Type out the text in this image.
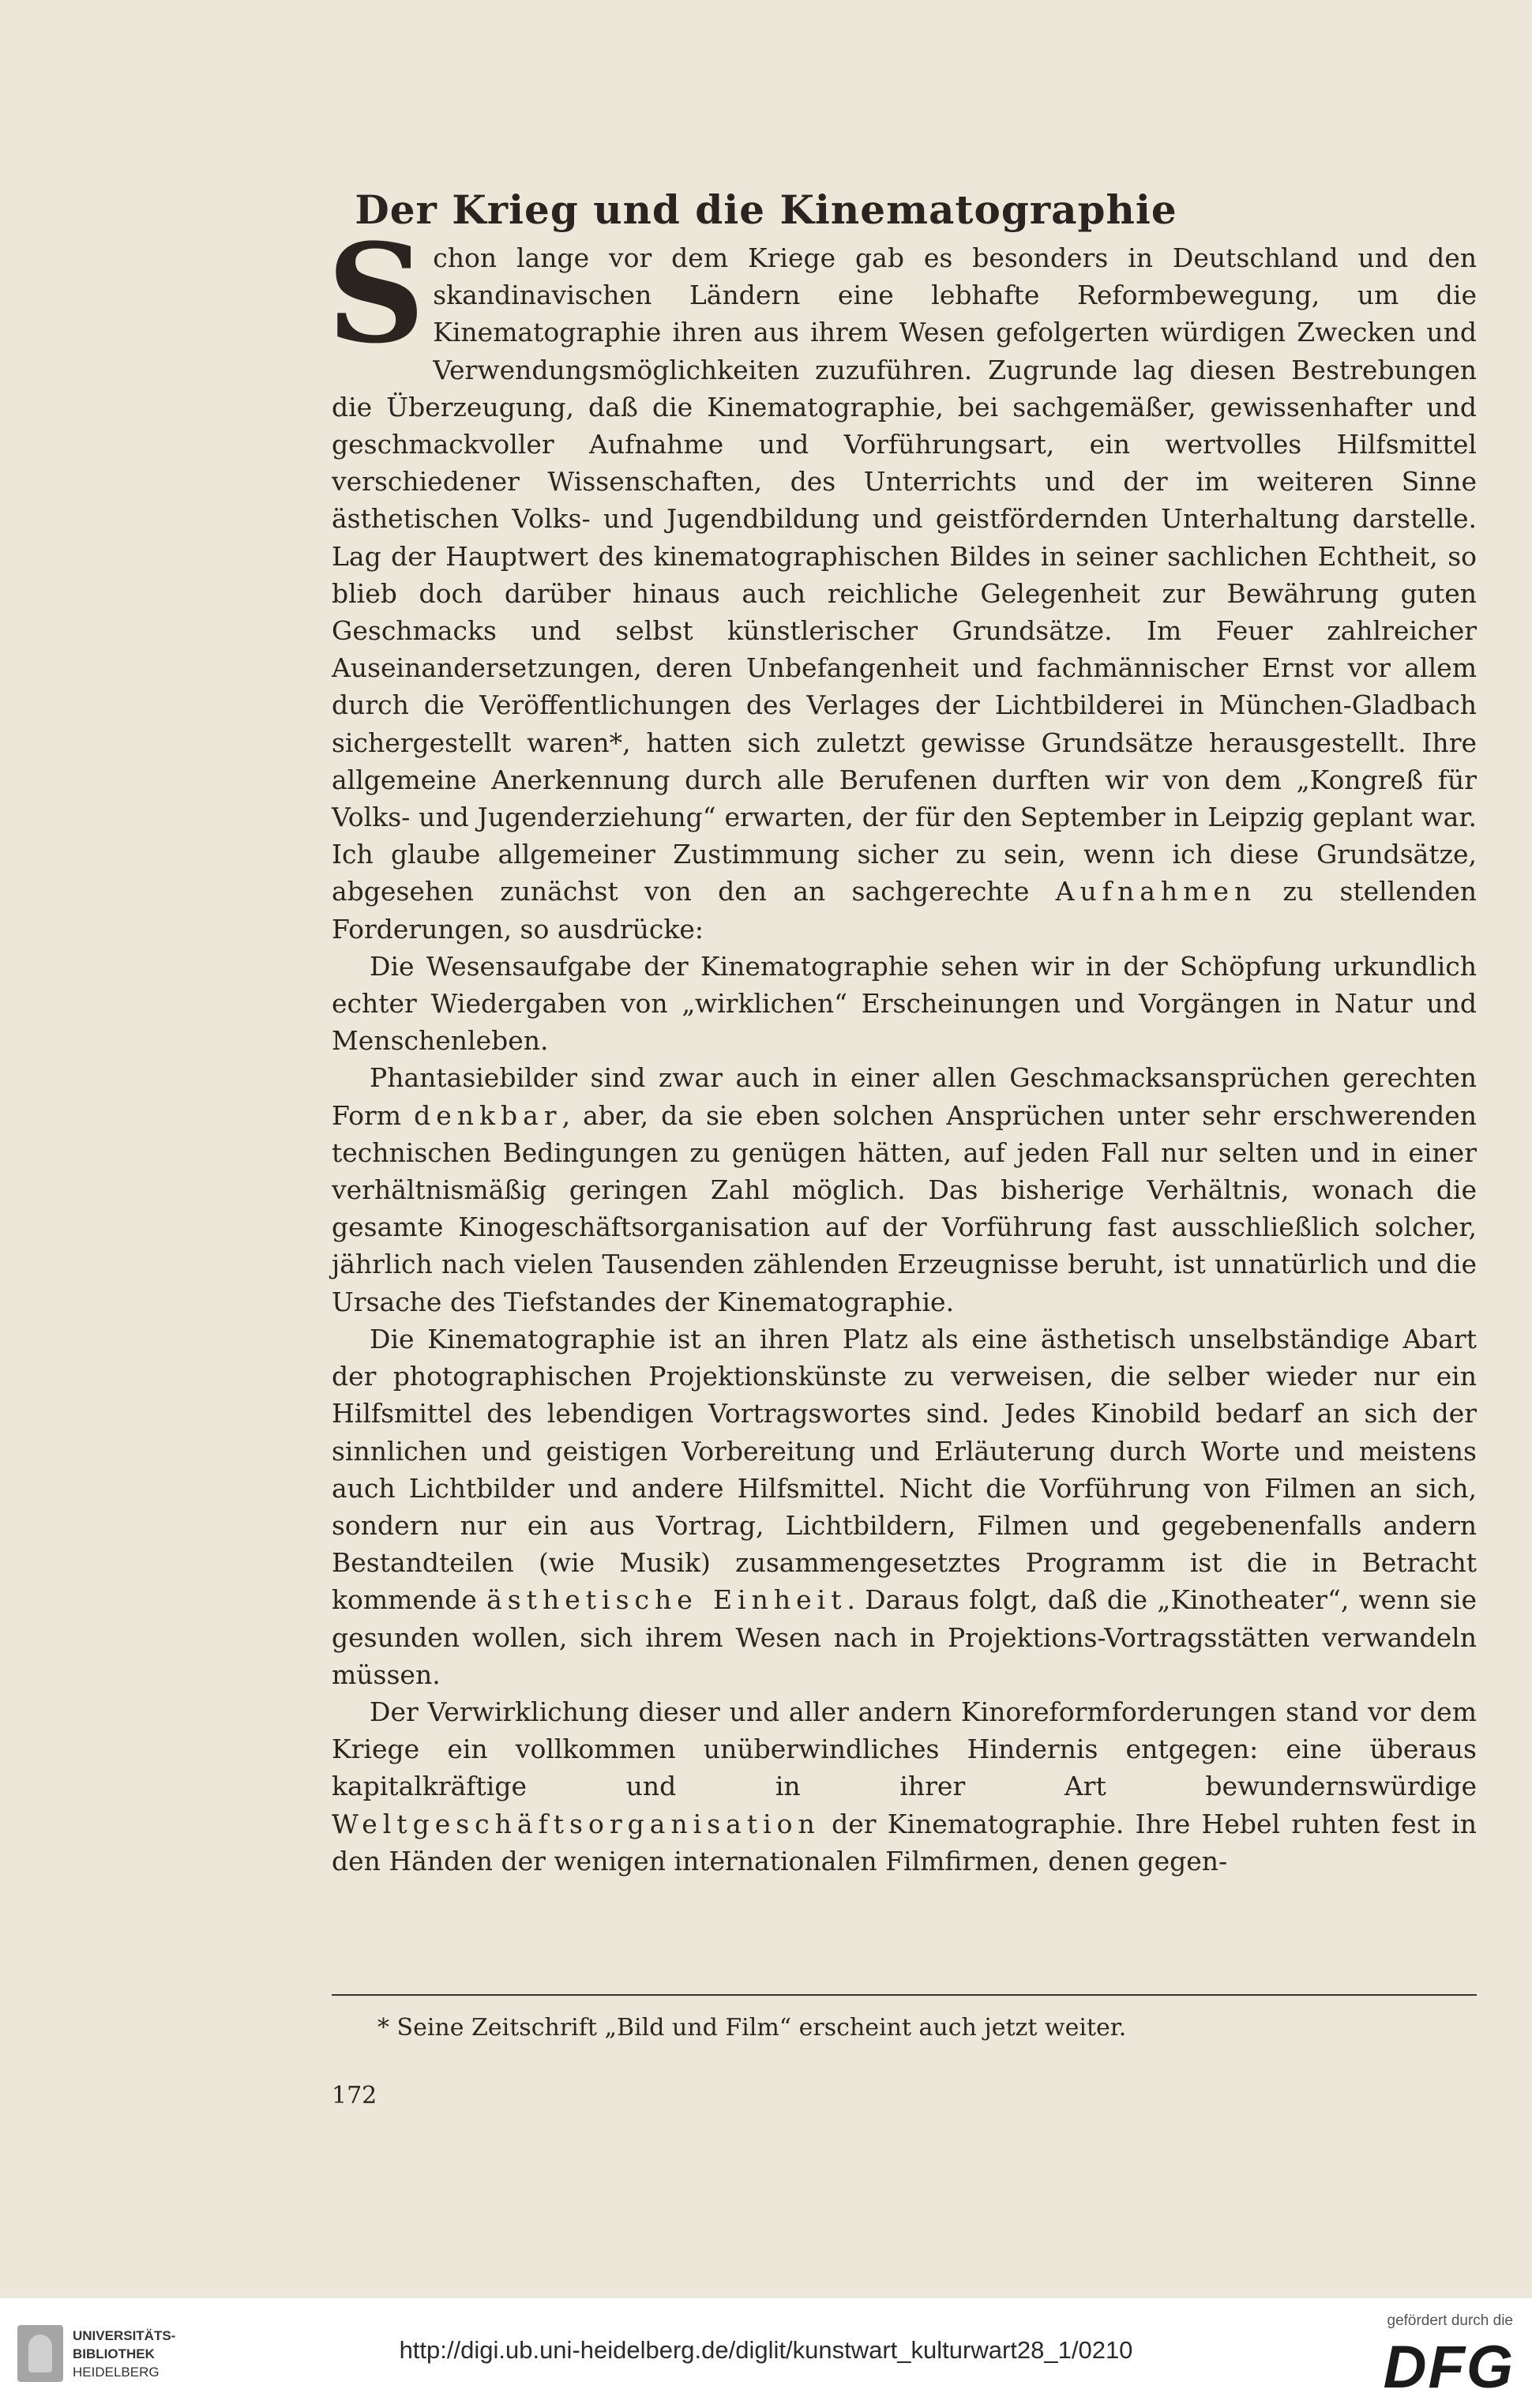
Der Krieg und die Kinematographie

Schon lange vor dem Kriege gab es besonders in Deutschland und den skandinavischen Ländern eine lebhafte Reformbewegung, um die Kinematographie ihren aus ihrem Wesen gefolgerten würdigen Zwecken und Verwendungsmöglichkeiten zuzuführen. Zugrunde lag diesen Bestrebungen die Überzeugung, daß die Kinematographie, bei sachgemäßer, gewissenhafter und geschmackvoller Aufnahme und Vorführungsart, ein wertvolles Hilfsmittel verschiedener Wissenschaften, des Unterrichts und der im weiteren Sinne ästhetischen Volks- und Jugendbildung und geistfördernden Unterhaltung darstelle. Lag der Hauptwert des kinematographischen Bildes in seiner sachlichen Echtheit, so blieb doch darüber hinaus auch reichliche Gelegenheit zur Bewährung guten Geschmacks und selbst künstlerischer Grundsätze. Im Feuer zahlreicher Auseinandersetzungen, deren Unbefangenheit und fachmännischer Ernst vor allem durch die Veröffentlichungen des Verlages der Lichtbilderei in München-Gladbach sichergestellt waren*, hatten sich zuletzt gewisse Grundsätze herausgestellt. Ihre allgemeine Anerkennung durch alle Berufenen durften wir von dem „Kongreß für Volks- und Jugenderziehung“ erwarten, der für den September in Leipzig geplant war. Ich glaube allgemeiner Zustimmung sicher zu sein, wenn ich diese Grundsätze, abgesehen zunächst von den an sachgerechte Aufnahmen zu stellenden Forderungen, so ausdrücke:

Die Wesensaufgabe der Kinematographie sehen wir in der Schöpfung urkundlich echter Wiedergaben von „wirklichen“ Erscheinungen und Vorgängen in Natur und Menschenleben.

Phantasiebilder sind zwar auch in einer allen Geschmacksansprüchen gerechten Form denkbar, aber, da sie eben solchen Ansprüchen unter sehr erschwerenden technischen Bedingungen zu genügen hätten, auf jeden Fall nur selten und in einer verhältnismäßig geringen Zahl möglich. Das bisherige Verhältnis, wonach die gesamte Kinogeschäftsorganisation auf der Vorführung fast ausschließlich solcher, jährlich nach vielen Tausenden zählenden Erzeugnisse beruht, ist unnatürlich und die Ursache des Tiefstandes der Kinematographie.

Die Kinematographie ist an ihren Platz als eine ästhetisch unselbständige Abart der photographischen Projektionskünste zu verweisen, die selber wieder nur ein Hilfsmittel des lebendigen Vortragswortes sind. Jedes Kinobild bedarf an sich der sinnlichen und geistigen Vorbereitung und Erläuterung durch Worte und meistens auch Lichtbilder und andere Hilfsmittel. Nicht die Vorführung von Filmen an sich, sondern nur ein aus Vortrag, Lichtbildern, Filmen und gegebenenfalls andern Bestandteilen (wie Musik) zusammengesetztes Programm ist die in Betracht kommende ästhetische Einheit. Daraus folgt, daß die „Kinotheater“, wenn sie gesunden wollen, sich ihrem Wesen nach in Projektions-Vortragsstätten verwandeln müssen.

Der Verwirklichung dieser und aller andern Kinoreformforderungen stand vor dem Kriege ein vollkommen unüberwindliches Hindernis entgegen: eine überaus kapitalkräftige und in ihrer Art bewundernswürdige Weltgeschäftsorganisation der Kinematographie. Ihre Hebel ruhten fest in den Händen der wenigen internationalen Filmfirmen, denen gegen-

* Seine Zeitschrift „Bild und Film“ erscheint auch jetzt weiter.

172
UNIVERSITÄTS-
BIBLIOTHEK
HEIDELBERG
http://digi.ub.uni-heidelberg.de/diglit/kunstwart_kulturwart28_1/0210
gefördert durch die
DFG
